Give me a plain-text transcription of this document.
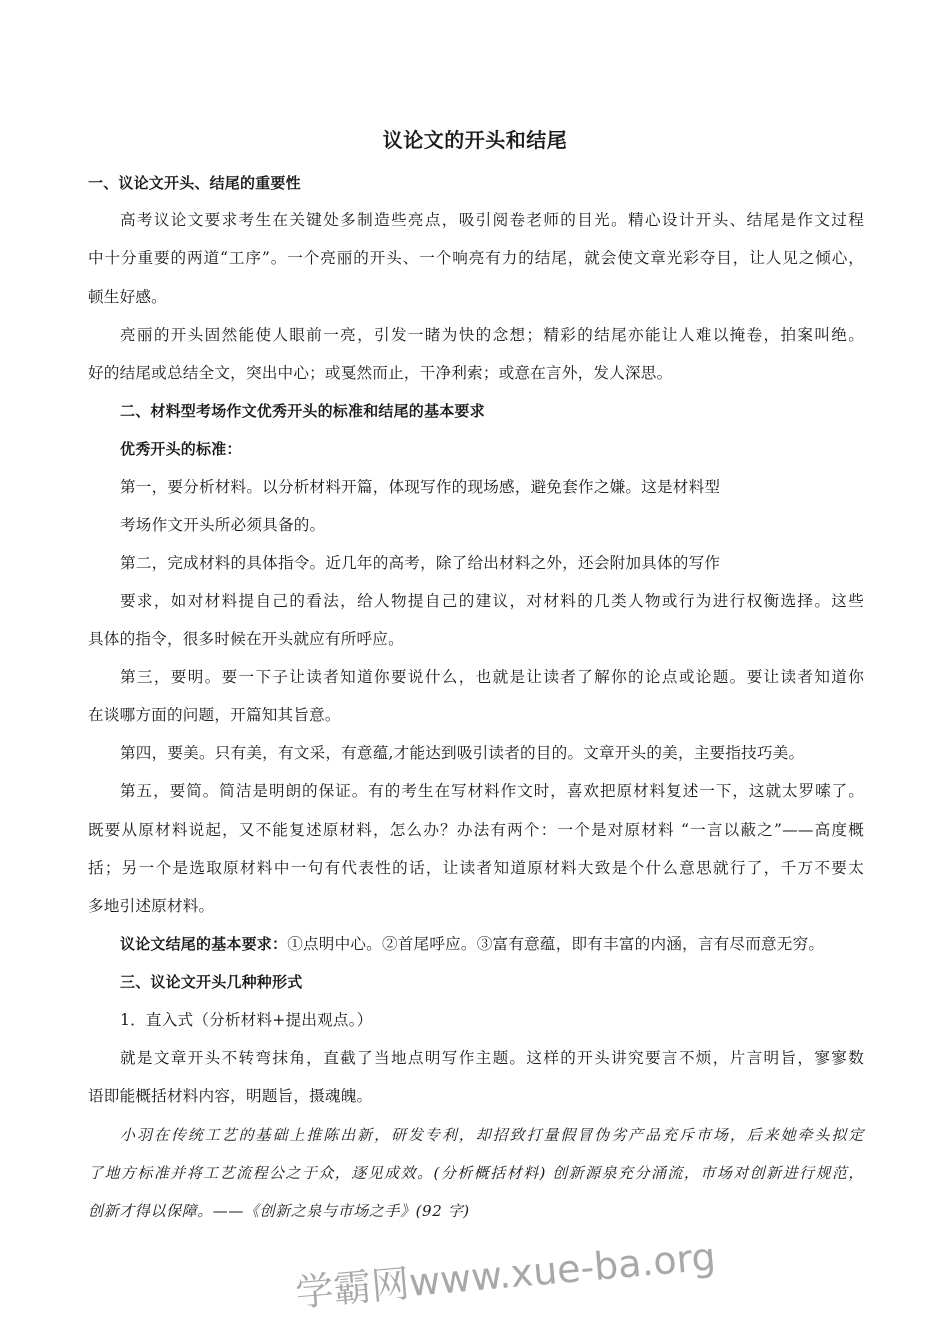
议论文的开头和结尾
一、议论文开头、结尾的重要性
高考议论文要求考生在关键处多制造些亮点，吸引阅卷老师的目光。精心设计开头、结尾是作文过程
中十分重要的两道“工序”。一个亮丽的开头、一个响亮有力的结尾，就会使文章光彩夺目，让人见之倾心，
顿生好感。
亮丽的开头固然能使人眼前一亮，引发一睹为快的念想；精彩的结尾亦能让人难以掩卷，拍案叫绝。
好的结尾或总结全文，突出中心；或戛然而止，干净利索；或意在言外，发人深思。
二、材料型考场作文优秀开头的标准和结尾的基本要求
优秀开头的标准：
第一，要分析材料。以分析材料开篇，体现写作的现场感，避免套作之嫌。这是材料型
考场作文开头所必须具备的。
第二，完成材料的具体指令。近几年的高考，除了给出材料之外，还会附加具体的写作
要求，如对材料提自己的看法，给人物提自己的建议，对材料的几类人物或行为进行权衡选择。这些
具体的指令，很多时候在开头就应有所呼应。
第三，要明。要一下子让读者知道你要说什么，也就是让读者了解你的论点或论题。要让读者知道你
在谈哪方面的问题，开篇知其旨意。
第四，要美。只有美，有文采，有意蕴,才能达到吸引读者的目的。文章开头的美，主要指技巧美。
第五，要简。简洁是明朗的保证。有的考生在写材料作文时，喜欢把原材料复述一下，这就太罗嗦了。
既要从原材料说起，又不能复述原材料，怎么办？办法有两个：一个是对原材料 “一言以蔽之”——高度概
括；另一个是选取原材料中一句有代表性的话，让读者知道原材料大致是个什么意思就行了，千万不要太
多地引述原材料。
议论文结尾的基本要求：①点明中心。②首尾呼应。③富有意蕴，即有丰富的内涵，言有尽而意无穷。
三、议论文开头几种种形式
1．直入式（分析材料+提出观点。）
就是文章开头不转弯抹角，直截了当地点明写作主题。这样的开头讲究要言不烦，片言明旨，寥寥数
语即能概括材料内容，明题旨，摄魂魄。
小羽在传统工艺的基础上推陈出新，研发专利，却招致打量假冒伪劣产品充斥市场，后来她牵头拟定
了地方标准并将工艺流程公之于众，逐见成效。(分析概括材料) 创新源泉充分涌流，市场对创新进行规范，
创新才得以保障。——《创新之泉与市场之手》(92 字)
学霸网www.xue-ba.org
